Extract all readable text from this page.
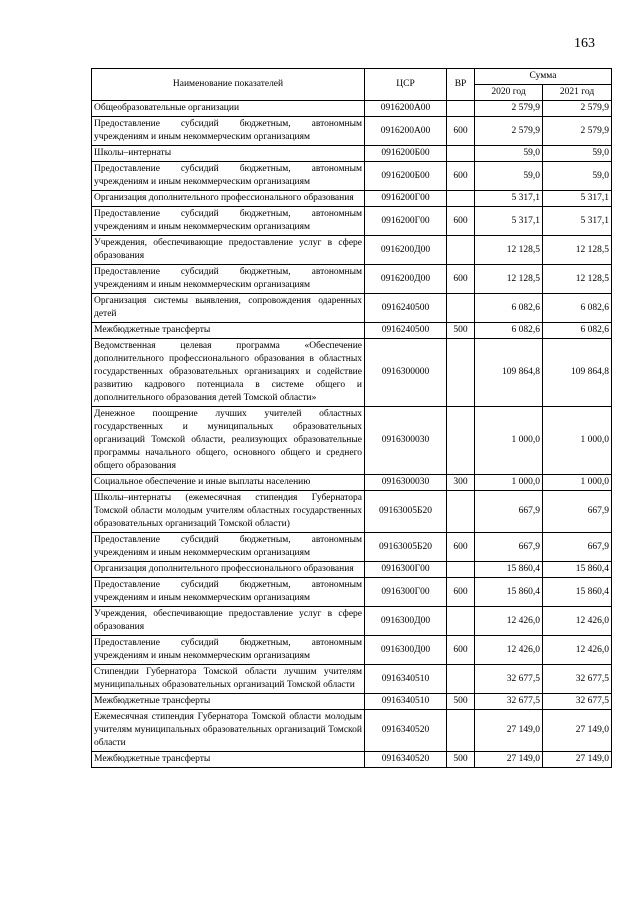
163
Наименование показателей	ЦСР	ВР	Сумма	
			2020 год	2021 год
Общеобразовательные организации	0916200А00		2 579,9	2 579,9
Предоставление субсидий бюджетным, автономным учреждениям и иным некоммерческим организациям	0916200А00	600	2 579,9	2 579,9
Школы–интернаты	0916200Б00		59,0	59,0
Предоставление субсидий бюджетным, автономным учреждениям и иным некоммерческим организациям	0916200Б00	600	59,0	59,0
Организация дополнительного профессионального образования	0916200Г00		5 317,1	5 317,1
Предоставление субсидий бюджетным, автономным учреждениям и иным некоммерческим организациям	0916200Г00	600	5 317,1	5 317,1
Учреждения, обеспечивающие предоставление услуг в сфере образования	0916200Д00		12 128,5	12 128,5
Предоставление субсидий бюджетным, автономным учреждениям и иным некоммерческим организациям	0916200Д00	600	12 128,5	12 128,5
Организация системы выявления, сопровождения одаренных детей	0916240500		6 082,6	6 082,6
Межбюджетные трансферты	0916240500	500	6 082,6	6 082,6
Ведомственная целевая программа «Обеспечение дополнительного профессионального образования в областных государственных образовательных организациях и содействие развитию кадрового потенциала в системе общего и дополнительного образования детей Томской области»	0916300000		109 864,8	109 864,8
Денежное поощрение лучших учителей областных государственных и муниципальных образовательных организаций Томской области, реализующих образовательные программы начального общего, основного общего и среднего общего образования	0916300030		1 000,0	1 000,0
Социальное обеспечение и иные выплаты населению	0916300030	300	1 000,0	1 000,0
Школы–интернаты (ежемесячная стипендия Губернатора Томской области молодым учителям областных государственных образовательных организаций Томской области)	09163005Б20		667,9	667,9
Предоставление субсидий бюджетным, автономным учреждениям и иным некоммерческим организациям	09163005Б20	600	667,9	667,9
Организация дополнительного профессионального образования	0916300Г00		15 860,4	15 860,4
Предоставление субсидий бюджетным, автономным учреждениям и иным некоммерческим организациям	0916300Г00	600	15 860,4	15 860,4
Учреждения, обеспечивающие предоставление услуг в сфере образования	0916300Д00		12 426,0	12 426,0
Предоставление субсидий бюджетным, автономным учреждениям и иным некоммерческим организациям	0916300Д00	600	12 426,0	12 426,0
Стипендии Губернатора Томской области лучшим учителям муниципальных образовательных организаций Томской области	0916340510		32 677,5	32 677,5
Межбюджетные трансферты	0916340510	500	32 677,5	32 677,5
Ежемесячная стипендия Губернатора Томской области молодым учителям муниципальных образовательных организаций Томской области	0916340520		27 149,0	27 149,0
Межбюджетные трансферты	0916340520	500	27 149,0	27 149,0
